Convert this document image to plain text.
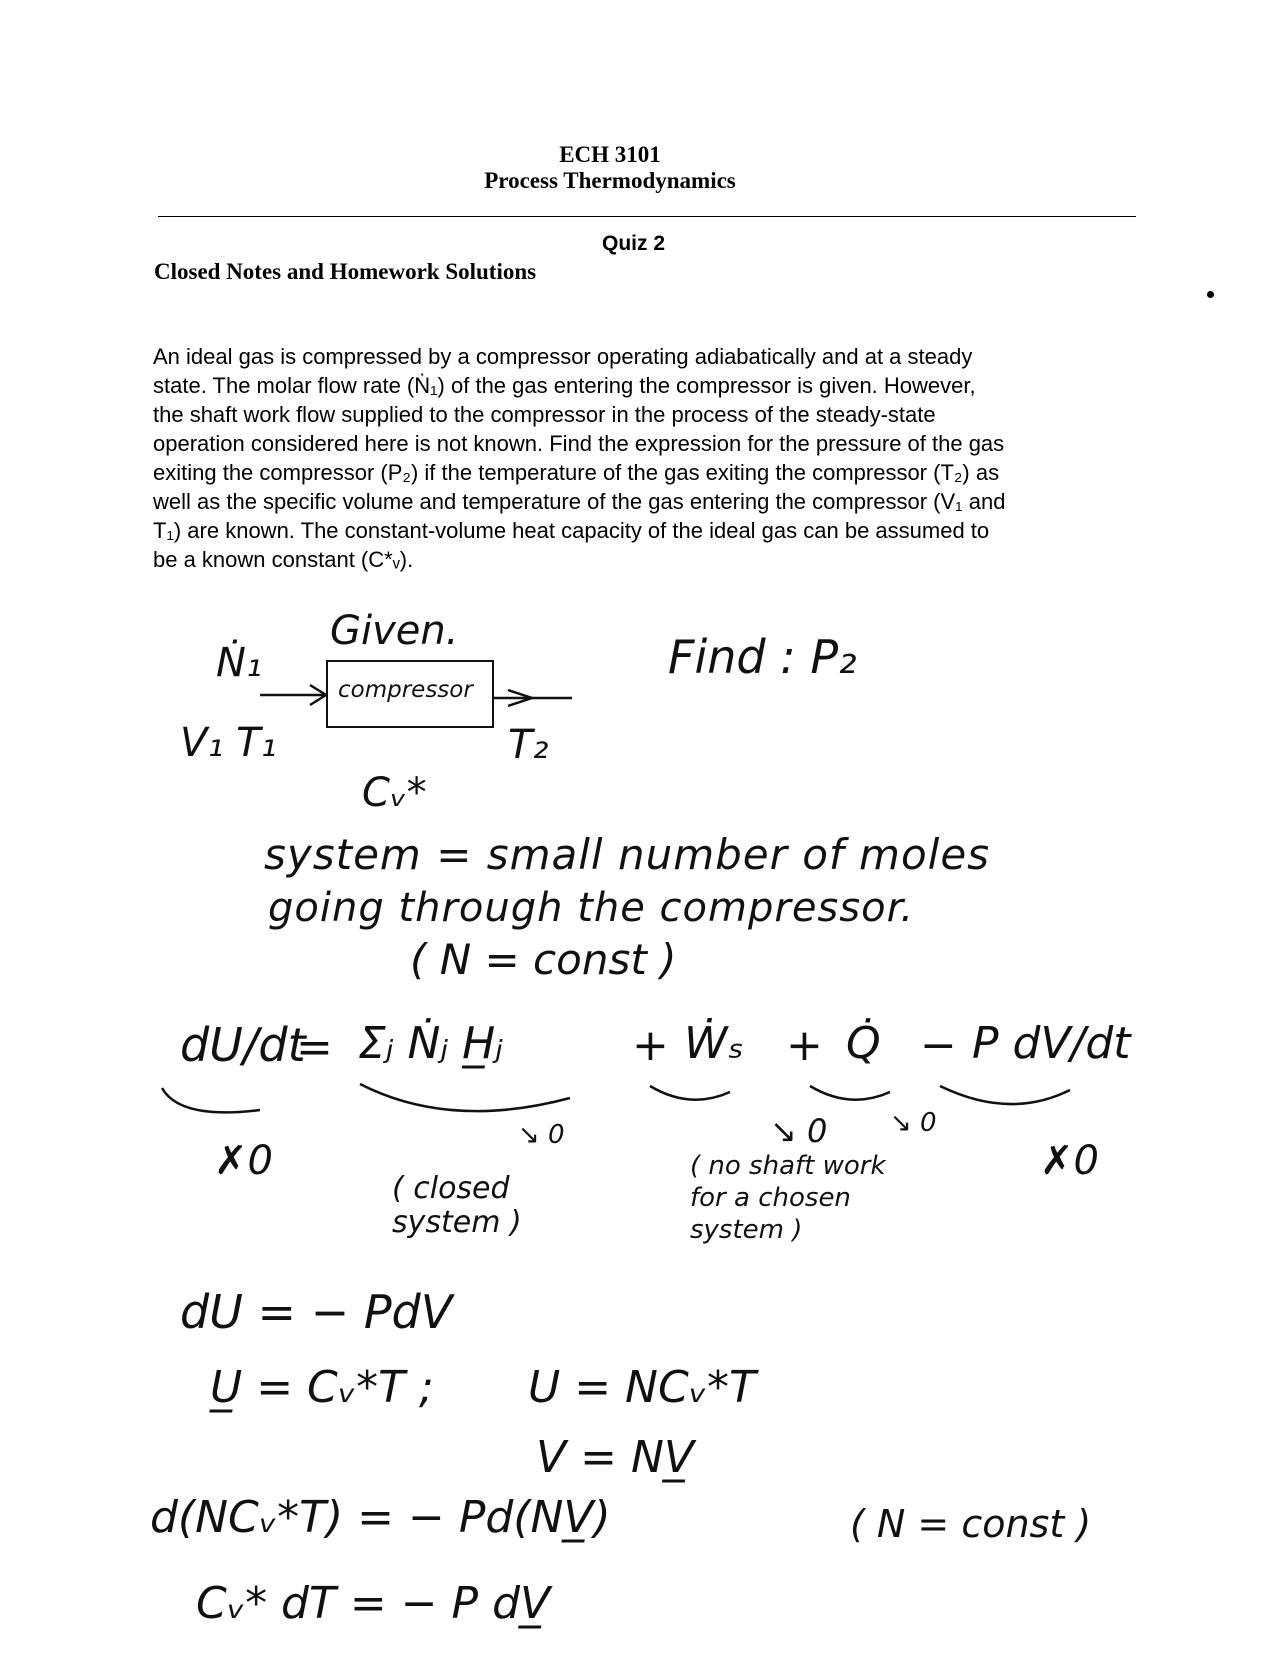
ECH 3101
Process Thermodynamics
Quiz 2
Closed Notes and Homework Solutions
An ideal gas is compressed by a compressor operating adiabatically and at a steady
state. The molar flow rate (Ṅ₁) of the gas entering the compressor is given. However,
the shaft work flow supplied to the compressor in the process of the steady-state
operation considered here is not known. Find the expression for the pressure of the gas
exiting the compressor (P₂) if the temperature of the gas exiting the compressor (T₂) as
well as the specific volume and temperature of the gas entering the compressor (V₁ and
T₁) are known. The constant-volume heat capacity of the ideal gas can be assumed to
be a known constant (C*ᵥ).
Given.
Ṅ₁
compressor
Find : P₂
V₁ T₁	T₂
Cᵥ*
system = small number of moles
going through the compressor.
( N = const )
dU/dt
= Σⱼ Ṅⱼ H̲ⱼ	+ Ẇₛ + Q̇ − P dV/dt
✗0
↘ 0	↘ 0 ↘ 0
✗0
( closed system )
( no shaft work for a chosen system )
dU = − PdV
U̲ = Cᵥ*T ; U = NCᵥ*T
V = NV̲
d(NCᵥ*T) = − Pd(NV̲)	( N = const )
Cᵥ* dT = − P dV̲
